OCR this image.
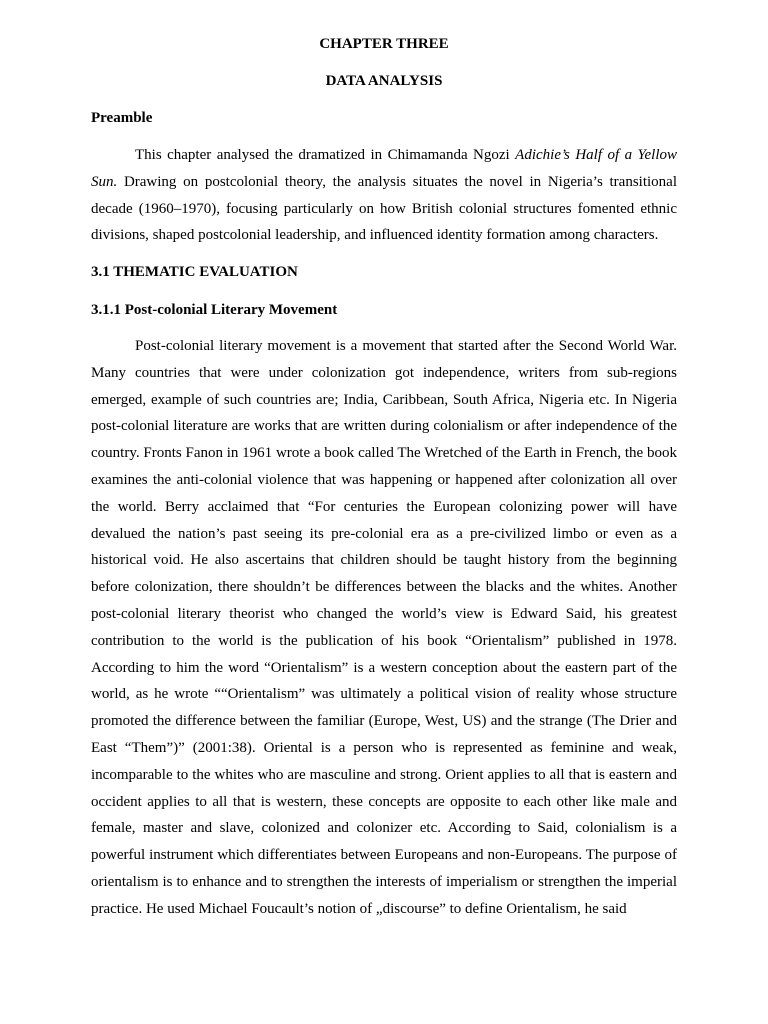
CHAPTER THREE
DATA ANALYSIS
Preamble

This chapter analysed the dramatized in Chimamanda Ngozi Adichie’s Half of a Yellow Sun. Drawing on postcolonial theory, the analysis situates the novel in Nigeria’s transitional decade (1960–1970), focusing particularly on how British colonial structures fomented ethnic divisions, shaped postcolonial leadership, and influenced identity formation among characters.

3.1 THEMATIC EVALUATION
3.1.1 Post-colonial Literary Movement

Post-colonial literary movement is a movement that started after the Second World War. Many countries that were under colonization got independence, writers from sub-regions emerged, example of such countries are; India, Caribbean, South Africa, Nigeria etc. In Nigeria post-colonial literature are works that are written during colonialism or after independence of the country. Fronts Fanon in 1961 wrote a book called The Wretched of the Earth in French, the book examines the anti-colonial violence that was happening or happened after colonization all over the world. Berry acclaimed that “For centuries the European colonizing power will have devalued the nation’s past seeing its pre-colonial era as a pre-civilized limbo or even as a historical void. He also ascertains that children should be taught history from the beginning before colonization, there shouldn’t be differences between the blacks and the whites. Another post-colonial literary theorist who changed the world’s view is Edward Said, his greatest contribution to the world is the publication of his book “Orientalism” published in 1978. According to him the word “Orientalism” is a western conception about the eastern part of the world, as he wrote ““Orientalism” was ultimately a political vision of reality whose structure promoted the difference between the familiar (Europe, West, US) and the strange (The Drier and East “Them”)” (2001:38). Oriental is a person who is represented as feminine and weak, incomparable to the whites who are masculine and strong. Orient applies to all that is eastern and occident applies to all that is western, these concepts are opposite to each other like male and female, master and slave, colonized and colonizer etc. According to Said, colonialism is a powerful instrument which differentiates between Europeans and non-Europeans. The purpose of orientalism is to enhance and to strengthen the interests of imperialism or strengthen the imperial practice. He used Michael Foucault’s notion of „discourse” to define Orientalism, he said
